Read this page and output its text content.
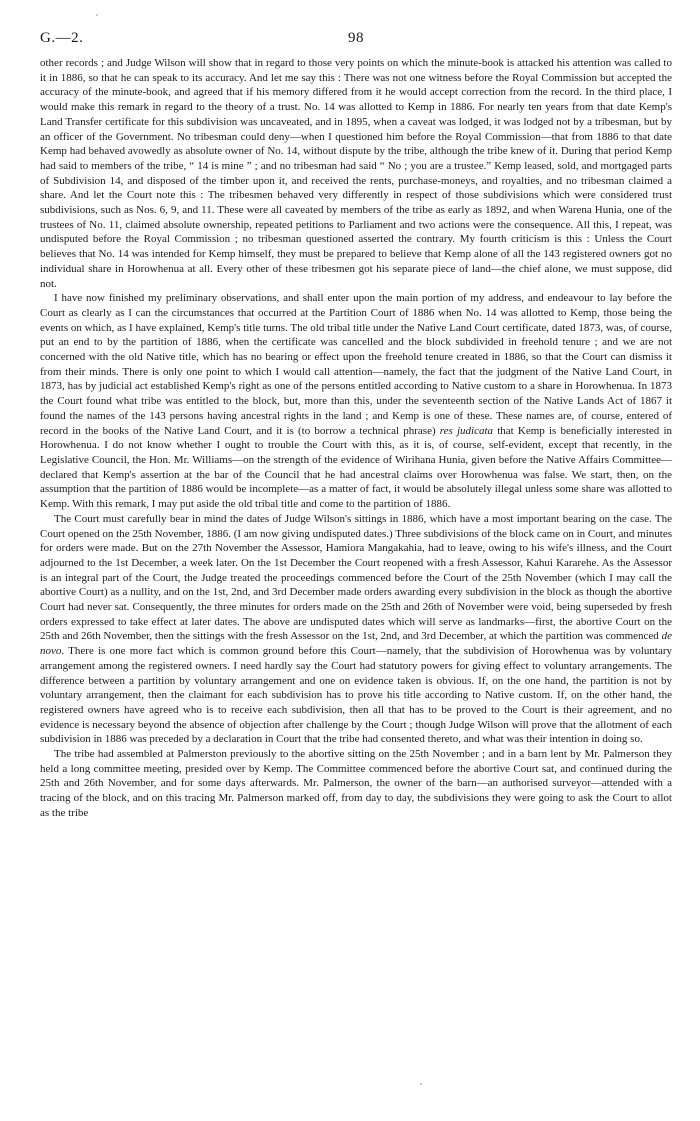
G.—2.	98

other records ; and Judge Wilson will show that in regard to those very points on which the minute-book is attacked his attention was called to it in 1886, so that he can speak to its accuracy. And let me say this : There was not one witness before the Royal Commission but accepted the accuracy of the minute-book, and agreed that if his memory differed from it he would accept correction from the record. In the third place, I would make this remark in regard to the theory of a trust. No. 14 was allotted to Kemp in 1886. For nearly ten years from that date Kemp's Land Transfer certificate for this subdivision was uncaveated, and in 1895, when a caveat was lodged, it was lodged not by a tribesman, but by an officer of the Government. No tribesman could deny—when I questioned him before the Royal Commission—that from 1886 to that date Kemp had behaved avowedly as absolute owner of No. 14, without dispute by the tribe, although the tribe knew of it. During that period Kemp had said to members of the tribe, “ 14 is mine ” ; and no tribesman had said “ No ; you are a trustee.” Kemp leased, sold, and mortgaged parts of Subdivision 14, and disposed of the timber upon it, and received the rents, purchase-moneys, and royalties, and no tribesman claimed a share. And let the Court note this : The tribesmen behaved very differently in respect of those subdivisions which were considered trust subdivisions, such as Nos. 6, 9, and 11. These were all caveated by members of the tribe as early as 1892, and when Warena Hunia, one of the trustees of No. 11, claimed absolute ownership, repeated petitions to Parliament and two actions were the consequence. All this, I repeat, was undisputed before the Royal Commission ; no tribesman questioned asserted the contrary. My fourth criticism is this : Unless the Court believes that No. 14 was intended for Kemp himself, they must be prepared to believe that Kemp alone of all the 143 registered owners got no individual share in Horowhenua at all. Every other of these tribesmen got his separate piece of land—the chief alone, we must suppose, did not.

I have now finished my preliminary observations, and shall enter upon the main portion of my address, and endeavour to lay before the Court as clearly as I can the circumstances that occurred at the Partition Court of 1886 when No. 14 was allotted to Kemp, those being the events on which, as I have explained, Kemp's title turns. The old tribal title under the Native Land Court certificate, dated 1873, was, of course, put an end to by the partition of 1886, when the certificate was cancelled and the block subdivided in freehold tenure ; and we are not concerned with the old Native title, which has no bearing or effect upon the freehold tenure created in 1886, so that the Court can dismiss it from their minds. There is only one point to which I would call attention—namely, the fact that the judgment of the Native Land Court, in 1873, has by judicial act established Kemp's right as one of the persons entitled according to Native custom to a share in Horowhenua. In 1873 the Court found what tribe was entitled to the block, but, more than this, under the seventeenth section of the Native Lands Act of 1867 it found the names of the 143 persons having ancestral rights in the land ; and Kemp is one of these. These names are, of course, entered of record in the books of the Native Land Court, and it is (to borrow a technical phrase) res judicata that Kemp is beneficially interested in Horowhenua. I do not know whether I ought to trouble the Court with this, as it is, of course, self-evident, except that recently, in the Legislative Council, the Hon. Mr. Williams—on the strength of the evidence of Wirihana Hunia, given before the Native Affairs Committee—declared that Kemp's assertion at the bar of the Council that he had ancestral claims over Horowhenua was false. We start, then, on the assumption that the partition of 1886 would be incomplete—as a matter of fact, it would be absolutely illegal unless some share was allotted to Kemp. With this remark, I may put aside the old tribal title and come to the partition of 1886.

The Court must carefully bear in mind the dates of Judge Wilson's sittings in 1886, which have a most important bearing on the case. The Court opened on the 25th November, 1886. (I am now giving undisputed dates.) Three subdivisions of the block came on in Court, and minutes for orders were made. But on the 27th November the Assessor, Hamiora Mangakahia, had to leave, owing to his wife's illness, and the Court adjourned to the 1st December, a week later. On the 1st December the Court reopened with a fresh Assessor, Kahui Kararehe. As the Assessor is an integral part of the Court, the Judge treated the proceedings commenced before the Court of the 25th November (which I may call the abortive Court) as a nullity, and on the 1st, 2nd, and 3rd December made orders awarding every subdivision in the block as though the abortive Court had never sat. Consequently, the three minutes for orders made on the 25th and 26th of November were void, being superseded by fresh orders expressed to take effect at later dates. The above are undisputed dates which will serve as landmarks—first, the abortive Court on the 25th and 26th November, then the sittings with the fresh Assessor on the 1st, 2nd, and 3rd December, at which the partition was commenced de novo. There is one more fact which is common ground before this Court—namely, that the subdivision of Horowhenua was by voluntary arrangement among the registered owners. I need hardly say the Court had statutory powers for giving effect to voluntary arrangements. The difference between a partition by voluntary arrangement and one on evidence taken is obvious. If, on the one hand, the partition is not by voluntary arrangement, then the claimant for each subdivision has to prove his title according to Native custom. If, on the other hand, the registered owners have agreed who is to receive each subdivision, then all that has to be proved to the Court is their agreement, and no evidence is necessary beyond the absence of objection after challenge by the Court ; though Judge Wilson will prove that the allotment of each subdivision in 1886 was preceded by a declaration in Court that the tribe had consented thereto, and what was their intention in doing so.

The tribe had assembled at Palmerston previously to the abortive sitting on the 25th November ; and in a barn lent by Mr. Palmerson they held a long committee meeting, presided over by Kemp. The Committee commenced before the abortive Court sat, and continued during the 25th and 26th November, and for some days afterwards. Mr. Palmerson, the owner of the barn—an authorised surveyor—attended with a tracing of the block, and on this tracing Mr. Palmerson marked off, from day to day, the subdivisions they were going to ask the Court to allot as the tribe
